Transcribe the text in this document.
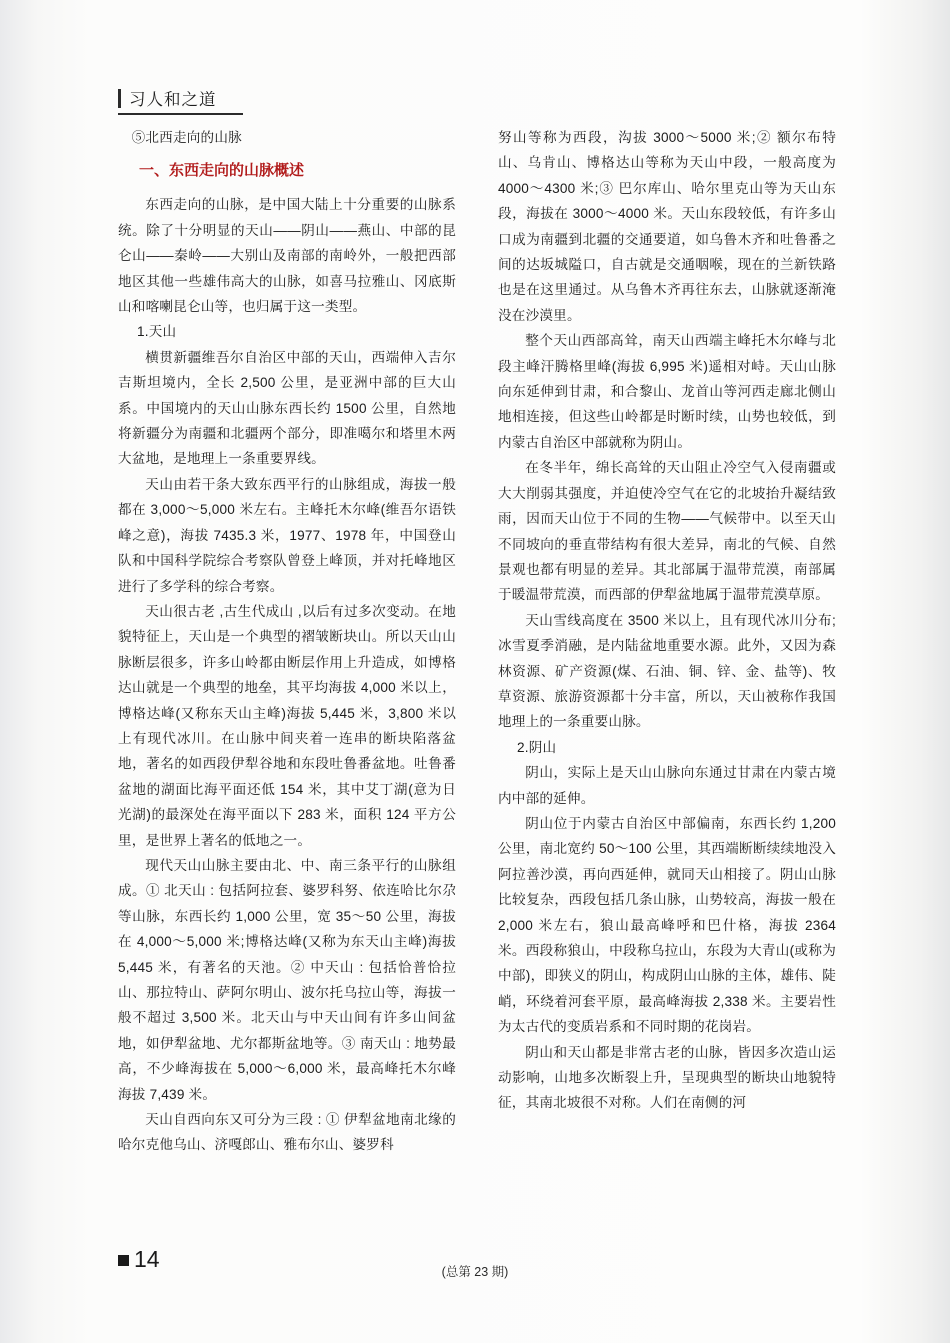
习人和之道

⑤北西走向的山脉

一、东西走向的山脉概述

东西走向的山脉，是中国大陆上十分重要的山脉系统。除了十分明显的天山——阴山——燕山、中部的昆仑山——秦岭——大别山及南部的南岭外，一般把西部地区其他一些雄伟高大的山脉，如喜马拉雅山、冈底斯山和喀喇昆仑山等，也归属于这一类型。

1.天山

横贯新疆维吾尔自治区中部的天山，西端伸入吉尔吉斯坦境内，全长 2,500 公里，是亚洲中部的巨大山系。中国境内的天山山脉东西长约 1500 公里，自然地将新疆分为南疆和北疆两个部分，即准噶尔和塔里木两大盆地，是地理上一条重要界线。

天山由若干条大致东西平行的山脉组成，海拔一般都在 3,000～5,000 米左右。主峰托木尔峰(维吾尔语铁峰之意)，海拔 7435.3 米，1977、1978 年，中国登山队和中国科学院综合考察队曾登上峰顶，并对托峰地区进行了多学科的综合考察。

天山很古老 ,古生代成山 ,以后有过多次变动。在地貌特征上，天山是一个典型的褶皱断块山。所以天山山脉断层很多，许多山岭都由断层作用上升造成，如博格达山就是一个典型的地垒，其平均海拔 4,000 米以上，博格达峰(又称东天山主峰)海拔 5,445 米，3,800 米以上有现代冰川。在山脉中间夹着一连串的断块陷落盆地，著名的如西段伊犁谷地和东段吐鲁番盆地。吐鲁番盆地的湖面比海平面还低 154 米，其中艾丁湖(意为日光湖)的最深处在海平面以下 283 米，面积 124 平方公里，是世界上著名的低地之一。

现代天山山脉主要由北、中、南三条平行的山脉组成。① 北天山 : 包括阿拉套、婆罗科努、依连哈比尔尕等山脉，东西长约 1,000 公里，宽 35～50 公里，海拔在 4,000～5,000 米;博格达峰(又称为东天山主峰)海拔 5,445 米，有著名的天池。② 中天山 : 包括恰普恰拉山、那拉特山、萨阿尔明山、波尔托乌拉山等，海拔一般不超过 3,500 米。北天山与中天山间有许多山间盆地，如伊犁盆地、尤尔都斯盆地等。③ 南天山 : 地势最高，不少峰海拔在 5,000～6,000 米，最高峰托木尔峰海拔 7,439 米。

天山自西向东又可分为三段 : ① 伊犁盆地南北缘的哈尔克他乌山、济嘎郎山、雅布尔山、婆罗科

努山等称为西段，沟拔 3000～5000 米;② 额尔布特山、乌肯山、博格达山等称为天山中段，一般高度为 4000～4300 米;③ 巴尔库山、哈尔里克山等为天山东段，海拔在 3000～4000 米。天山东段较低，有许多山口成为南疆到北疆的交通要道，如乌鲁木齐和吐鲁番之间的达坂城隘口，自古就是交通咽喉，现在的兰新铁路也是在这里通过。从乌鲁木齐再往东去，山脉就逐渐淹没在沙漠里。

整个天山西部高耸，南天山西端主峰托木尔峰与北段主峰汗腾格里峰(海拔 6,995 米)遥相对峙。天山山脉向东延伸到甘肃，和合黎山、龙首山等河西走廊北侧山地相连接，但这些山岭都是时断时续，山势也较低，到内蒙古自治区中部就称为阴山。

在冬半年，绵长高耸的天山阻止冷空气入侵南疆或大大削弱其强度，并迫使冷空气在它的北坡抬升凝结致雨，因而天山位于不同的生物——气候带中。以至天山不同坡向的垂直带结构有很大差异，南北的气候、自然景观也都有明显的差异。其北部属于温带荒漠，南部属于暖温带荒漠，而西部的伊犁盆地属于温带荒漠草原。

天山雪线高度在 3500 米以上，且有现代冰川分布;冰雪夏季消融，是内陆盆地重要水源。此外，又因为森林资源、矿产资源(煤、石油、铜、锌、金、盐等)、牧草资源、旅游资源都十分丰富，所以，天山被称作我国地理上的一条重要山脉。

2.阴山

阴山，实际上是天山山脉向东通过甘肃在内蒙古境内中部的延伸。

阴山位于内蒙古自治区中部偏南，东西长约 1,200 公里，南北宽约 50～100 公里，其西端断断续续地没入阿拉善沙漠，再向西延伸，就同天山相接了。阴山山脉比较复杂，西段包括几条山脉，山势较高，海拔一般在 2,000 米左右，狼山最高峰呼和巴什格，海拔 2364 米。西段称狼山，中段称乌拉山，东段为大青山(或称为中部)，即狭义的阴山，构成阴山山脉的主体，雄伟、陡峭，环绕着河套平原，最高峰海拔 2,338 米。主要岩性为太古代的变质岩系和不同时期的花岗岩。

阴山和天山都是非常古老的山脉，皆因多次造山运动影响，山地多次断裂上升，呈现典型的断块山地貌特征，其南北坡很不对称。人们在南侧的河

14	(总第 23 期)
